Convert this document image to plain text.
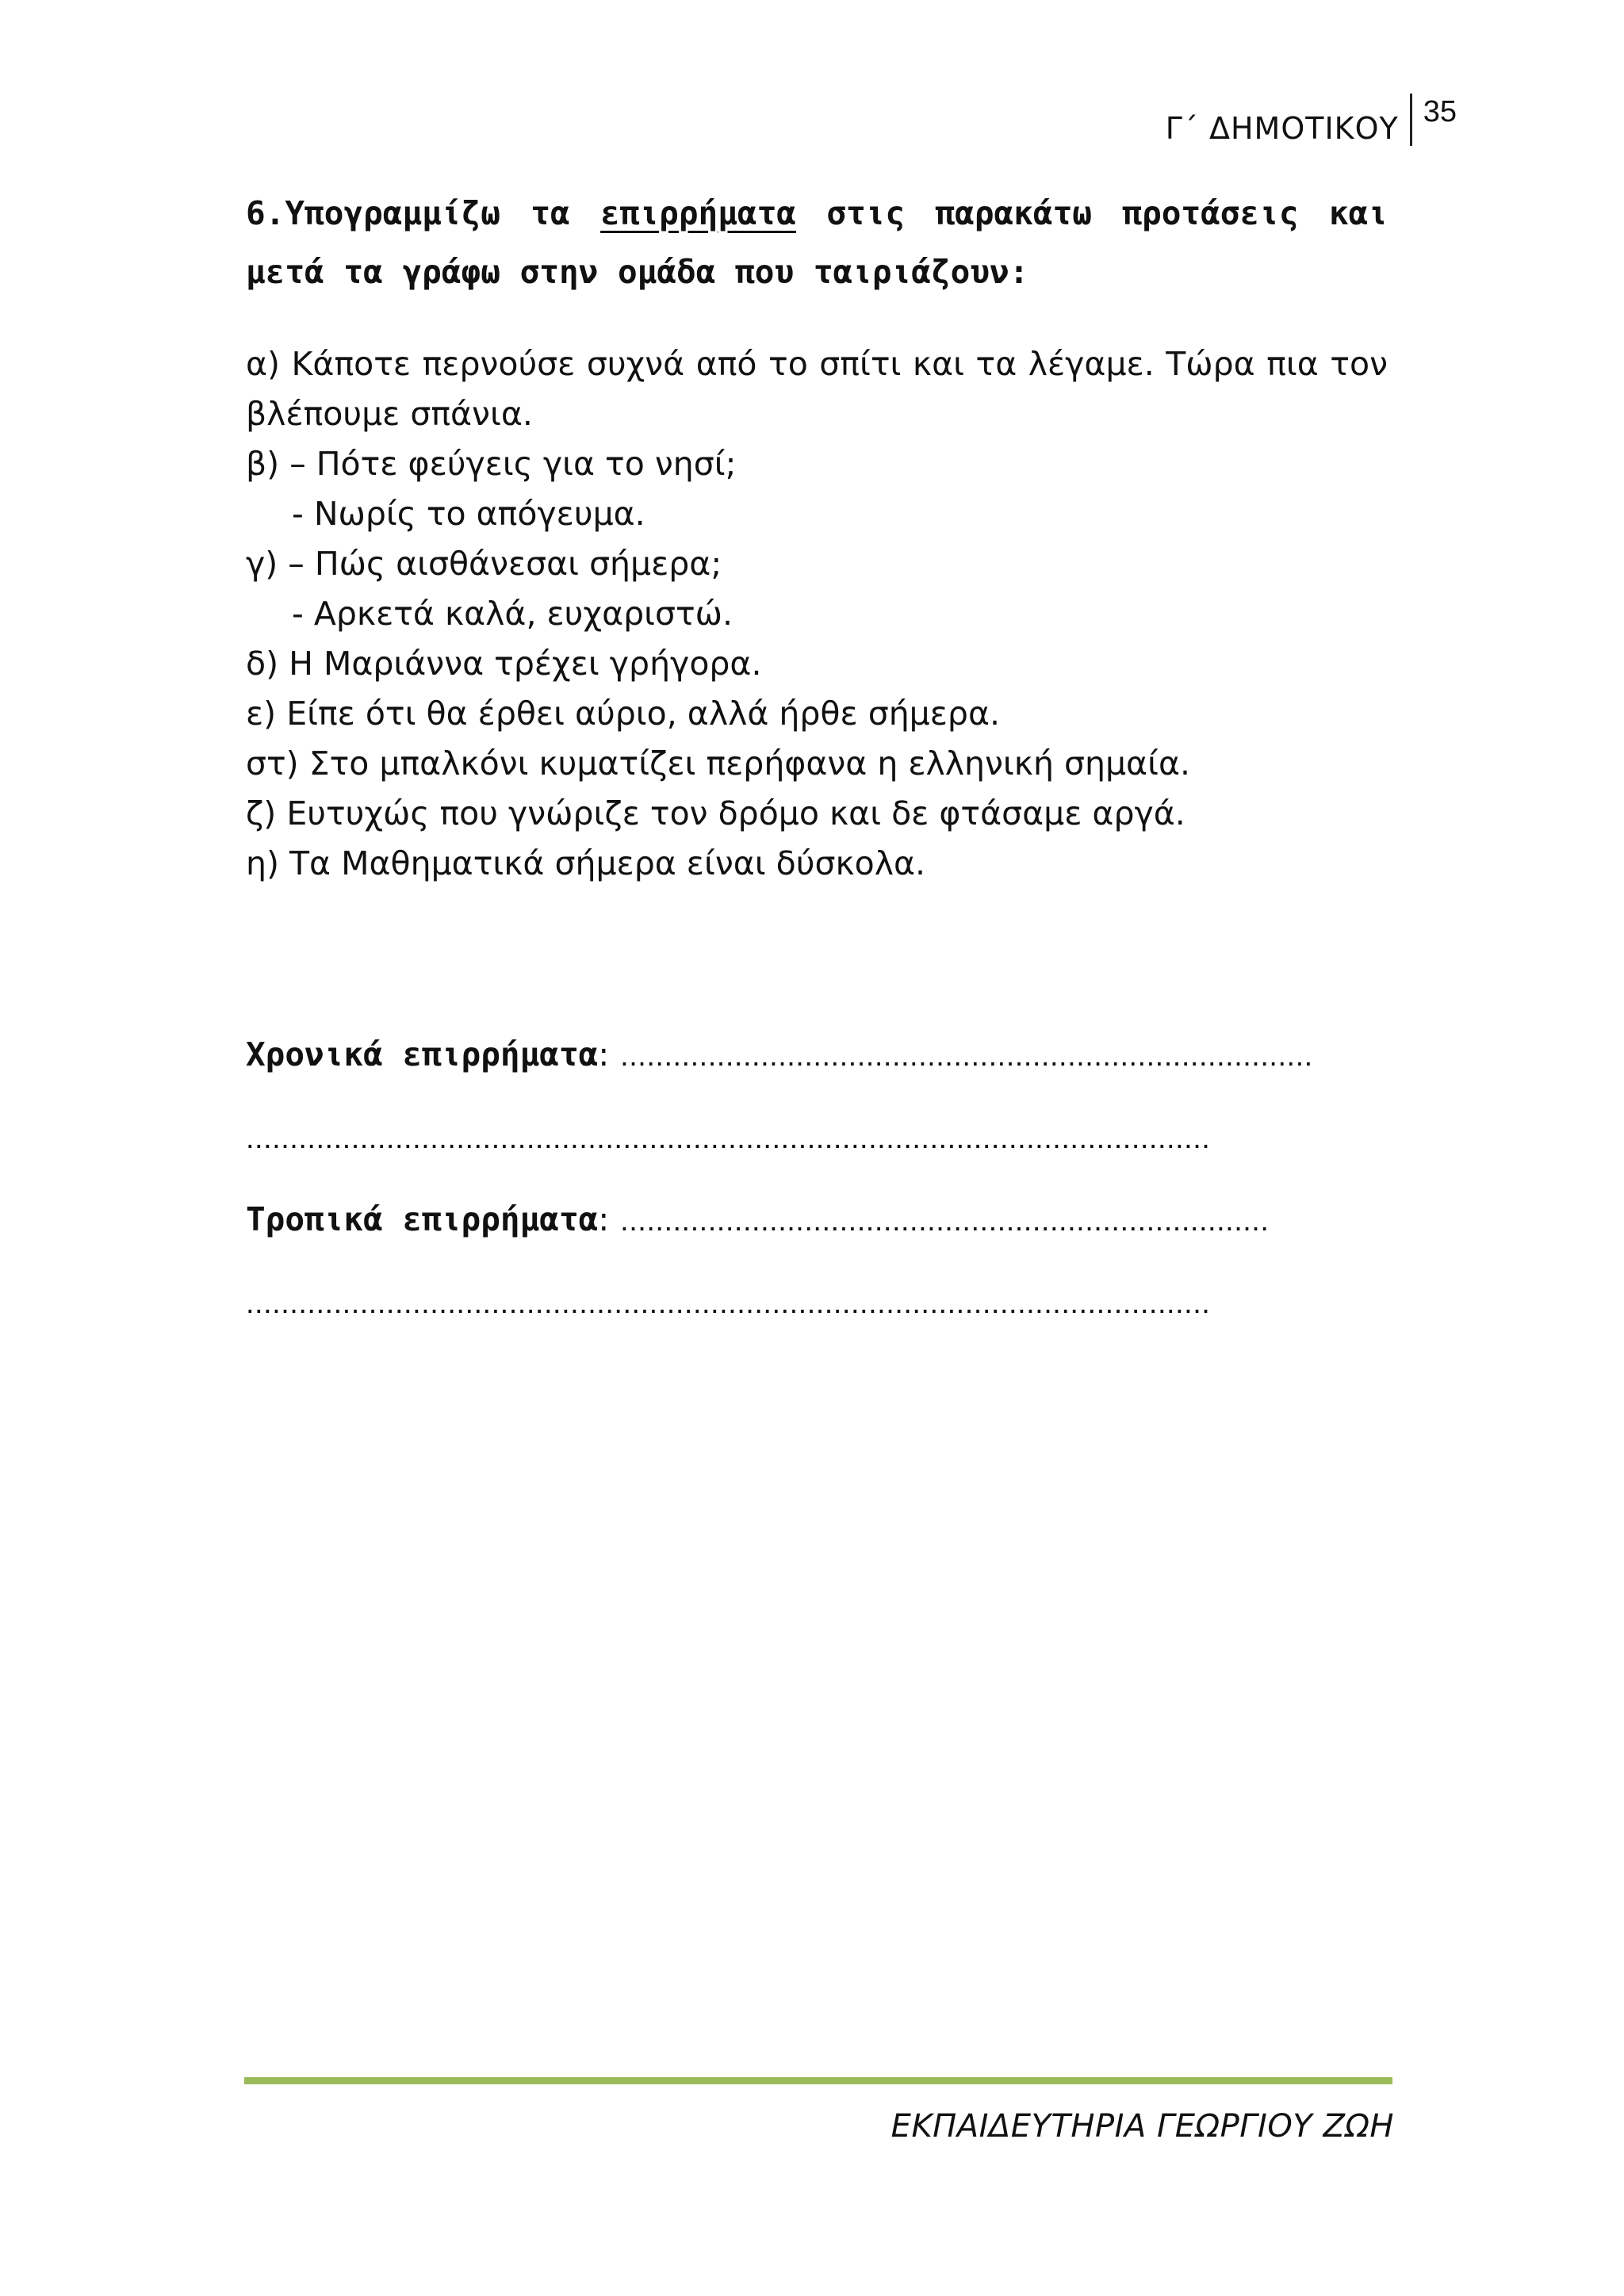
Γ΄ ΔΗΜΟΤΙΚΟΥ 35
6.Υπογραμμίζω τα επιρρήματα στις παρακάτω προτάσεις και μετά τα γράφω στην ομάδα που ταιριάζουν:

α) Κάποτε περνούσε συχνά από το σπίτι και τα λέγαμε. Τώρα πια τον βλέπουμε σπάνια.

β) – Πότε φεύγεις για το νησί;

- Νωρίς το απόγευμα.

γ) – Πώς αισθάνεσαι σήμερα;

- Αρκετά καλά, ευχαριστώ.

δ) Η Μαριάννα τρέχει γρήγορα.

ε) Είπε ότι θα έρθει αύριο, αλλά ήρθε σήμερα.

στ) Στο μπαλκόνι κυματίζει περήφανα η ελληνική σημαία.

ζ) Ευτυχώς που γνώριζε τον δρόμο και δε φτάσαμε αργά.

η) Τα Μαθηματικά σήμερα είναι δύσκολα.

Χρονικά επιρρήματα : ...............................................................................
..............................................................................................................
Τροπικά επιρρήματα : ..........................................................................
..............................................................................................................
ΕΚΠΑΙΔΕΥΤΗΡΙΑ ΓΕΩΡΓΙΟΥ ΖΩΗ
